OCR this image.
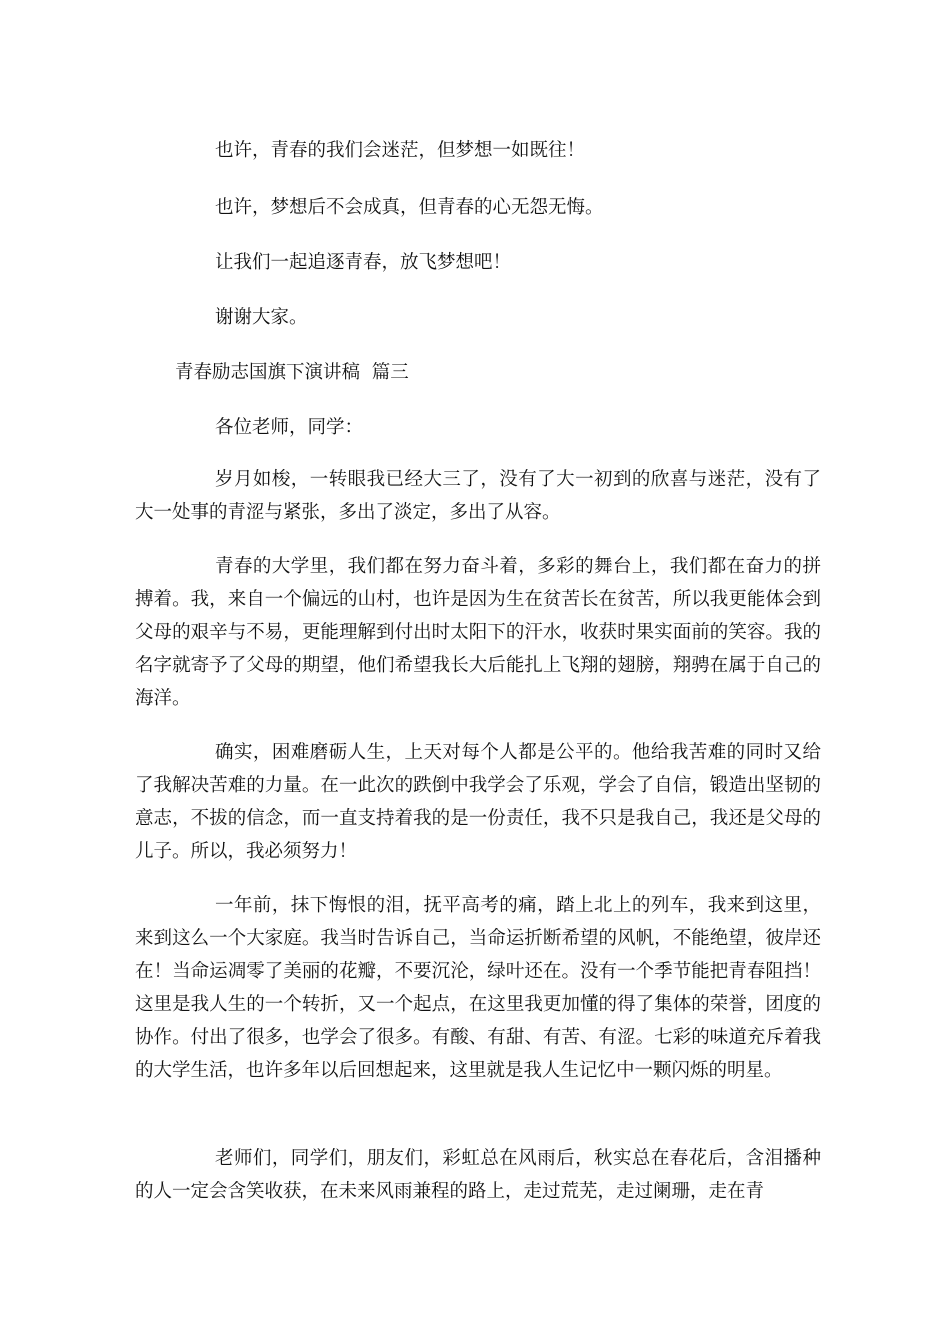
也许，青春的我们会迷茫，但梦想一如既往！

也许，梦想后不会成真，但青春的心无怨无悔。

让我们一起追逐青春，放飞梦想吧！

谢谢大家。

青春励志国旗下演讲稿  篇三

各位老师，同学：

岁月如梭，一转眼我已经大三了，没有了大一初到的欣喜与迷茫，没有了大一处事的青涩与紧张，多出了淡定，多出了从容。

青春的大学里，我们都在努力奋斗着，多彩的舞台上，我们都在奋力的拼搏着。我，来自一个偏远的山村，也许是因为生在贫苦长在贫苦，所以我更能体会到父母的艰辛与不易，更能理解到付出时太阳下的汗水，收获时果实面前的笑容。我的名字就寄予了父母的期望，他们希望我长大后能扎上飞翔的翅膀，翔骋在属于自己的海洋。

确实，困难磨砺人生，上天对每个人都是公平的。他给我苦难的同时又给了我解决苦难的力量。在一此次的跌倒中我学会了乐观，学会了自信，锻造出坚韧的意志，不拔的信念，而一直支持着我的是一份责任，我不只是我自己，我还是父母的儿子。所以，我必须努力！

一年前，抹下悔恨的泪，抚平高考的痛，踏上北上的列车，我来到这里，来到这么一个大家庭。我当时告诉自己，当命运折断希望的风帆，不能绝望，彼岸还在！当命运凋零了美丽的花瓣，不要沉沦，绿叶还在。没有一个季节能把青春阻挡！这里是我人生的一个转折，又一个起点，在这里我更加懂的得了集体的荣誉，团度的协作。付出了很多，也学会了很多。有酸、有甜、有苦、有涩。七彩的味道充斥着我的大学生活，也许多年以后回想起来，这里就是我人生记忆中一颗闪烁的明星。

老师们，同学们，朋友们，彩虹总在风雨后，秋实总在春花后，含泪播种的人一定会含笑收获，在未来风雨兼程的路上，走过荒芜，走过阑珊，走在青
